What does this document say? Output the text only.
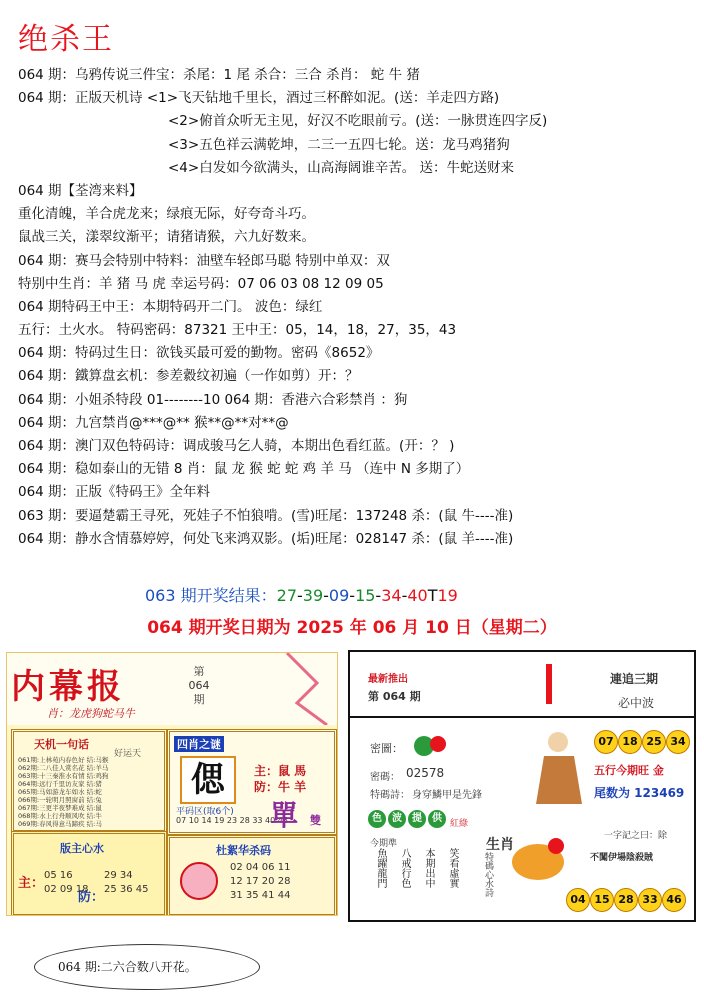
绝杀王
064 期：乌鸦传说三件宝：杀尾：1 尾 杀合：三合 杀肖： 蛇 牛 猪
064 期：正版天机诗 <1>飞天钻地千里长，酒过三杯醉如泥。(送：羊走四方路)
<2>俯首众听无主见，好汉不吃眼前亏。(送：一脉贯连四字反)
<3>五色祥云满乾坤，二三一五四七轮。送：龙马鸡猪狗
<4>白发如今欲满头，山高海阔谁辛苦。 送：牛蛇送财来
064 期【荃湾来料】
重化清魄，羊合虎龙来；绿痕无际，好夸奇斗巧。
鼠战三关，漾翠纹渐平；请猪请猴，六九好数来。
064 期：赛马会特别中特料：油壁车轻郎马聪 特别中单双：双
特别中生肖：羊 猪 马 虎 幸运号码：07 06 03 08 12 09 05
064 期特码王中王：本期特码开二门。 波色：绿红
五行：土火水。 特码密码：87321 王中王：05，14，18，27，35，43
064 期：特码过生日：欲钱买最可爱的勤物。密码《8652》
064 期：鐵算盘玄机：参差縠纹初遍（一作如剪）开：？
064 期：小姐杀特段 01--------10 064 期：香港六合彩禁肖 ：狗
064 期：九宫禁肖@***@** 猴**@**对**@
064 期：澳门双色特码诗：调成骏马乞人骑，本期出色看红蓝。(开：？ )
064 期：稳如泰山的无错 8 肖：鼠 龙 猴 蛇 蛇 鸡 羊 马 （连中 N 多期了）
064 期：正版《特码王》全年料
063 期：要逼楚霸王寻死，死娃子不怕狼啃。(雪)旺尾：137248 杀：(鼠 牛----准)
064 期：静水含情慕婷婷，何处飞来鸿双影。(垢)旺尾：028147 杀：(鼠 羊----准)
063 期开奖结果：27-39-09-15-34-40T19
064 期开奖日期为 2025 年 06 月 10 日（星期二）
内幕报	第
064
期
肖：龙虎狗蛇马牛
天机一句话
好运天
061期:上林苑内春色好 结:马猴
062期:二八佳人赏名花 结:羊马
063期:十三秦淮水有情 结:鸡狗
064期:远行千里访友家 结:猪
065期:马如游龙车如水 结:蛇
066期:一轮明月照窗前 结:兔
067期:三更半夜梦难成 结:鼠
068期:水上行舟顺风吹 结:牛
069期:春风得意马蹄疾 结:马
版主心水
主：
防：
05 16	29 34
02 09 18 25 36 45
四肖之谜
偲	主：鼠 馬
防：牛 羊
平码区(取6个)
07 10 14 19 23 28 33 40 45
單 雙
杜絮华杀码
02 04 06 11
12 17 20 28
31 35 41 44
最新推出
第 064 期
連追三期
必中波
密圖：
密碼： 02578
特碼詩： 身穿鱗甲是先鋒
07 18 25 34
五行今期旺 金
尾数为 123469
色	波	提	供 紅綠
今期準
魚躍龍門 八戒行色 本期出中 笑看虛實
生肖
特碼心水詩
一字記之曰：除
不闖伊場陰殺賊
04 15 28 33 46
064 期:二六合数八开花。
